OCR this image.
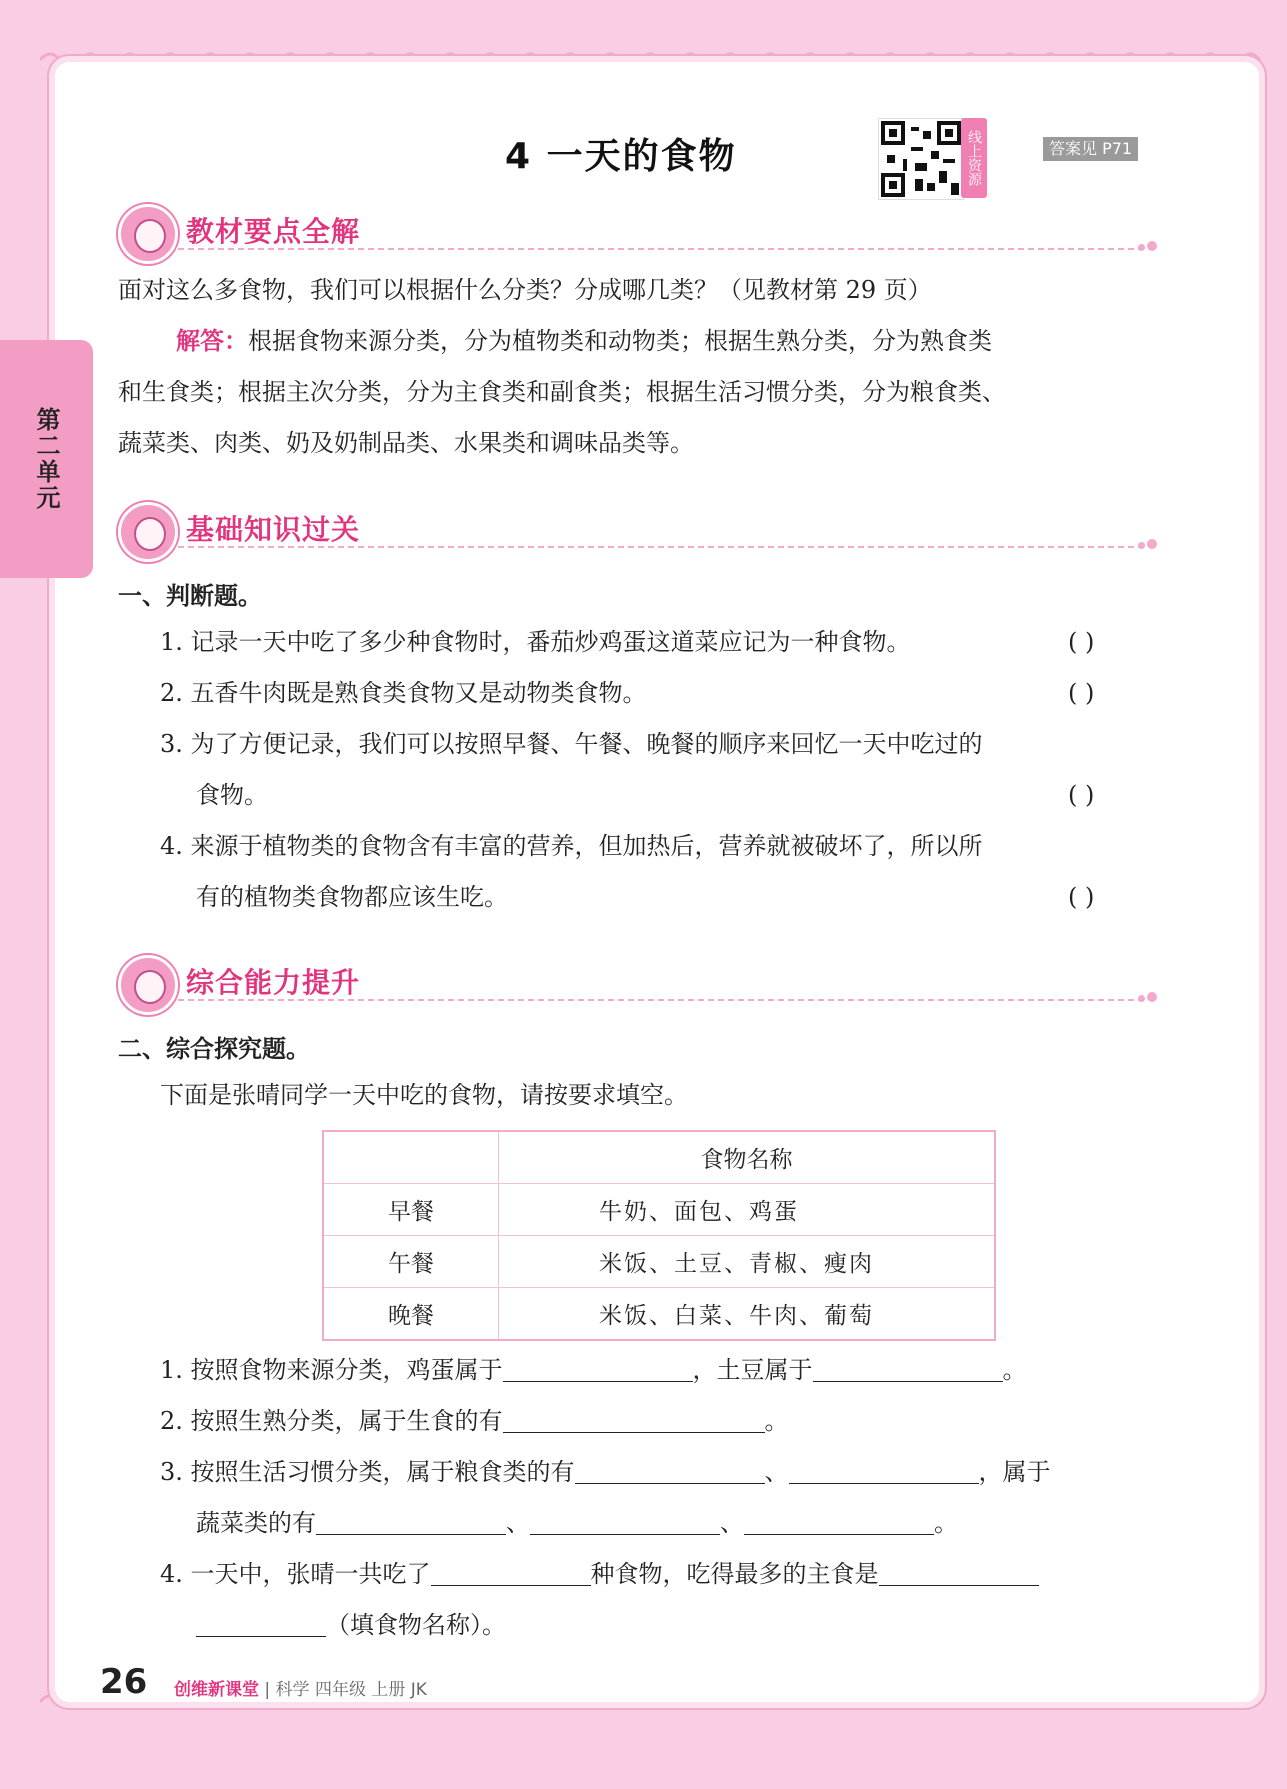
第二单元
4 一天的食物	线上资源	答案见 P71
教材要点全解
面对这么多食物，我们可以根据什么分类？分成哪几类？（见教材第 29 页）
解答：根据食物来源分类，分为植物类和动物类；根据生熟分类，分为熟食类
和生食类；根据主次分类，分为主食类和副食类；根据生活习惯分类，分为粮食类、
蔬菜类、肉类、奶及奶制品类、水果类和调味品类等。
基础知识过关
一、判断题。
1. 记录一天中吃了多少种食物时，番茄炒鸡蛋这道菜应记为一种食物。	( )
2. 五香牛肉既是熟食类食物又是动物类食物。	( )
3. 为了方便记录，我们可以按照早餐、午餐、晚餐的顺序来回忆一天中吃过的
食物。	( )
4. 来源于植物类的食物含有丰富的营养，但加热后，营养就被破坏了，所以所
有的植物类食物都应该生吃。	( )
综合能力提升
二、综合探究题。
下面是张晴同学一天中吃的食物，请按要求填空。
	食物名称
早餐	牛奶、面包、鸡蛋
午餐	米饭、土豆、青椒、瘦肉
晚餐	米饭、白菜、牛肉、葡萄
1. 按照食物来源分类，鸡蛋属于	，土豆属于	。
2. 按照生熟分类，属于生食的有	。
3. 按照生活习惯分类，属于粮食类的有	、	，属于
蔬菜类的有	、	、	。
4. 一天中，张晴一共吃了	种食物，吃得最多的主食是
（填食物名称）。
26 创维新课堂 | 科学 四年级 上册 JK
